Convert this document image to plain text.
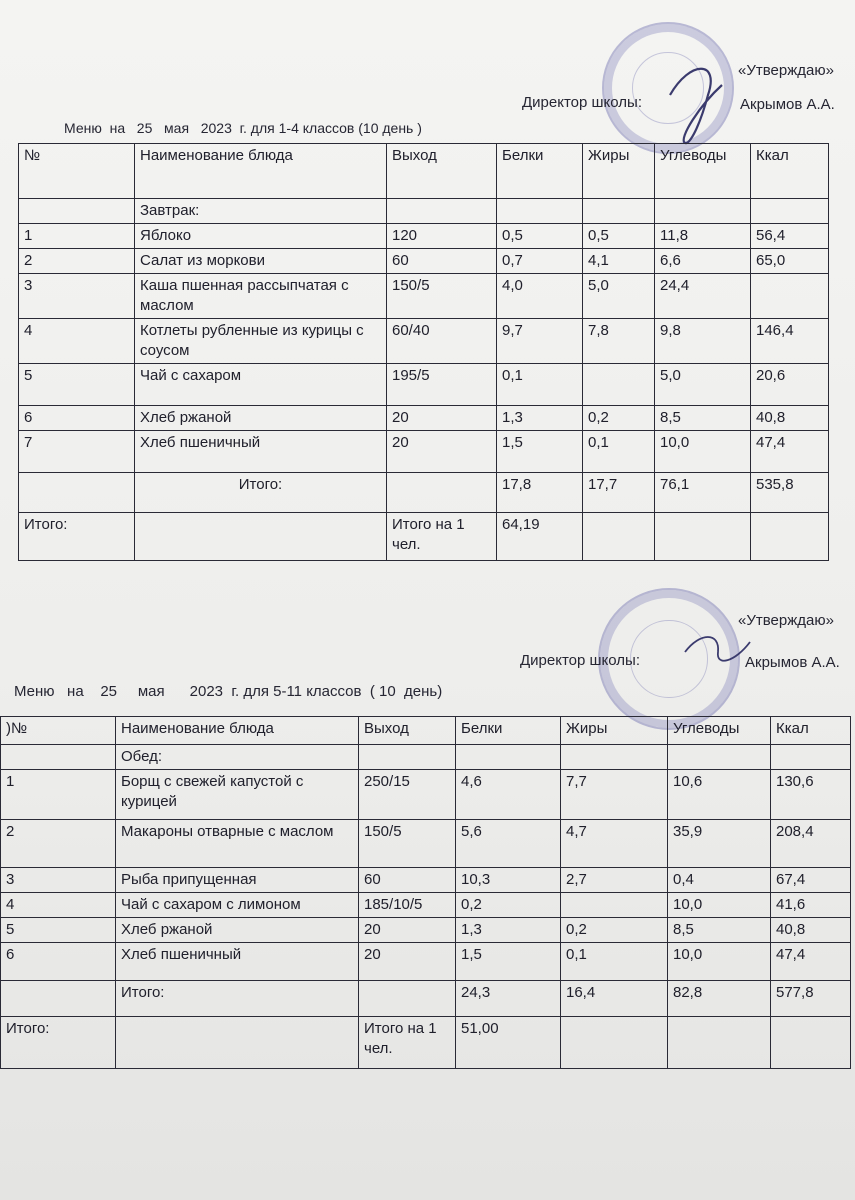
«Утверждаю»
Директор школы:	Акрымов А.А.
Меню  на   25   мая   2023  г. для 1-4 классов (10 день )
№	Наименование блюда	Выход	Белки	Жиры	Углеводы	Ккал
	Завтрак:					
1	Яблоко	120	0,5	0,5	11,8	56,4
2	Салат из моркови	60	0,7	4,1	6,6	65,0
3	Каша пшенная рассыпчатая с маслом	150/5	4,0	5,0	24,4	
4	Котлеты рубленные из курицы с соусом	60/40	9,7	7,8	9,8	146,4
5	Чай с сахаром	195/5	0,1		5,0	20,6
6	Хлеб ржаной	20	1,3	0,2	8,5	40,8
7	Хлеб пшеничный	20	1,5	0,1	10,0	47,4
	Итого:		17,8	17,7	76,1	535,8
Итого:		Итого на 1 чел.	64,19			
«Утверждаю»
Директор школы:	Акрымов А.А.
Меню   на    25     мая      2023  г. для 5-11 классов  ( 10  день)
)№	Наименование блюда	Выход	Белки	Жиры	Углеводы	Ккал
	Обед:					
1	Борщ с свежей капустой с курицей	250/15	4,6	7,7	10,6	130,6
2	Макароны отварные с маслом	150/5	5,6	4,7	35,9	208,4
3	Рыба припущенная	60	10,3	2,7	0,4	67,4
4	Чай с сахаром с лимоном	185/10/5	0,2		10,0	41,6
5	Хлеб ржаной	20	1,3	0,2	8,5	40,8
6	Хлеб пшеничный	20	1,5	0,1	10,0	47,4
	Итого:		24,3	16,4	82,8	577,8
Итого:		Итого на 1 чел.	51,00			
